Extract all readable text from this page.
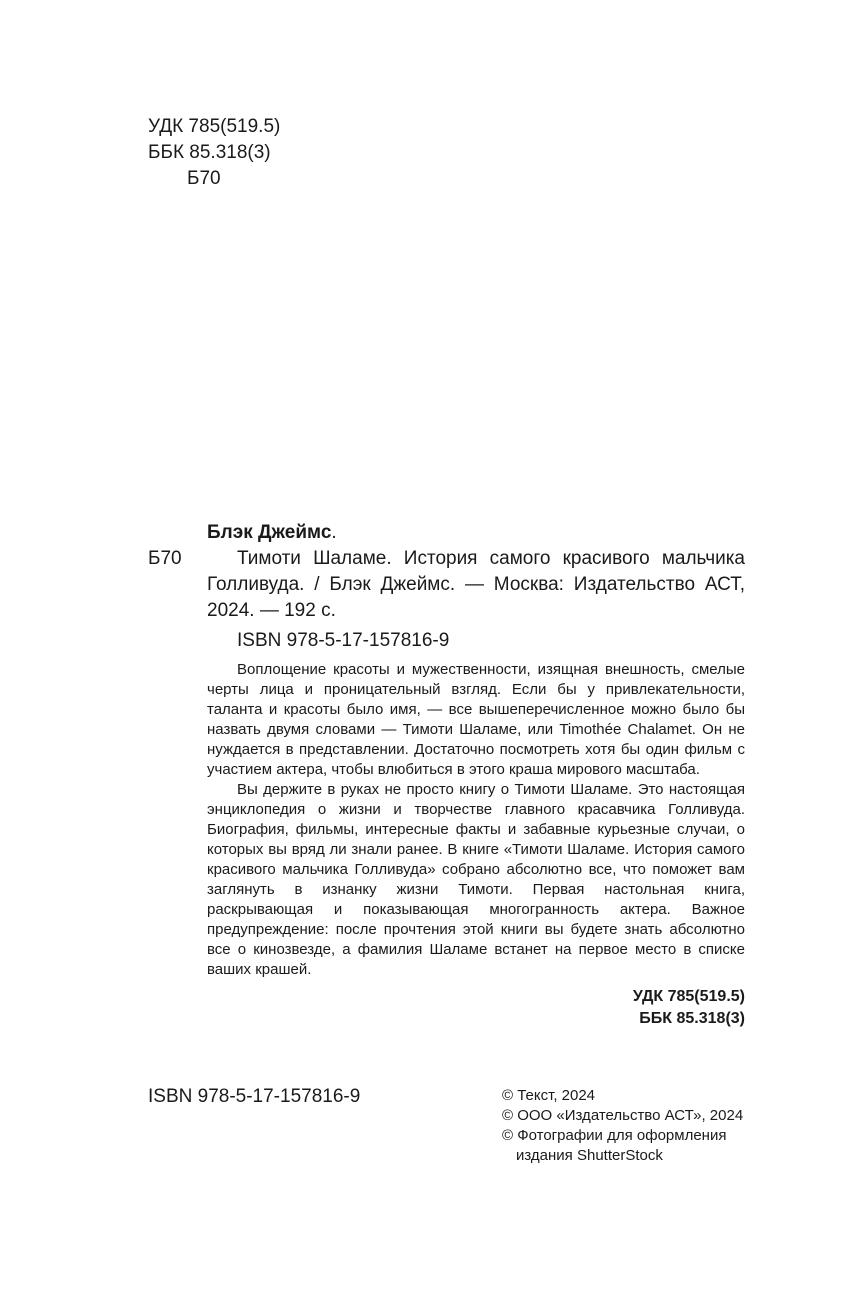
УДК 785(519.5)
ББК 85.318(3)
Б70
Б70
Блэк Джеймс.

Тимоти Шаламе. История самого красивого мальчика Голливуда. / Блэк Джеймс. — Москва: Издательство АСТ, 2024. — 192 с.

ISBN 978-5-17-157816-9

Воплощение красоты и мужественности, изящная внешность, смелые черты лица и проницательный взгляд. Если бы у привлекательности, таланта и красоты было имя, — все вышеперечисленное можно было бы назвать двумя словами — Тимоти Шаламе, или Timothée Chalamet. Он не нуждается в представлении. Достаточно посмотреть хотя бы один фильм с участием актера, чтобы влюбиться в этого краша мирового масштаба.

Вы держите в руках не просто книгу о Тимоти Шаламе. Это настоящая энциклопедия о жизни и творчестве главного красавчика Голливуда. Биография, фильмы, интересные факты и забавные курьезные случаи, о которых вы вряд ли знали ранее. В книге «Тимоти Шаламе. История самого красивого мальчика Голливуда» собрано абсолютно все, что поможет вам заглянуть в изнанку жизни Тимоти. Первая настольная книга, раскрывающая и показывающая многогранность актера. Важное предупреждение: после прочтения этой книги вы будете знать абсолютно все о кинозвезде, а фамилия Шаламе встанет на первое место в списке ваших крашей.

УДК 785(519.5)
ББК 85.318(3)
ISBN 978-5-17-157816-9	© Текст, 2024
© ООО «Издательство АСТ», 2024
© Фотографии для оформления
издания ShutterStock
